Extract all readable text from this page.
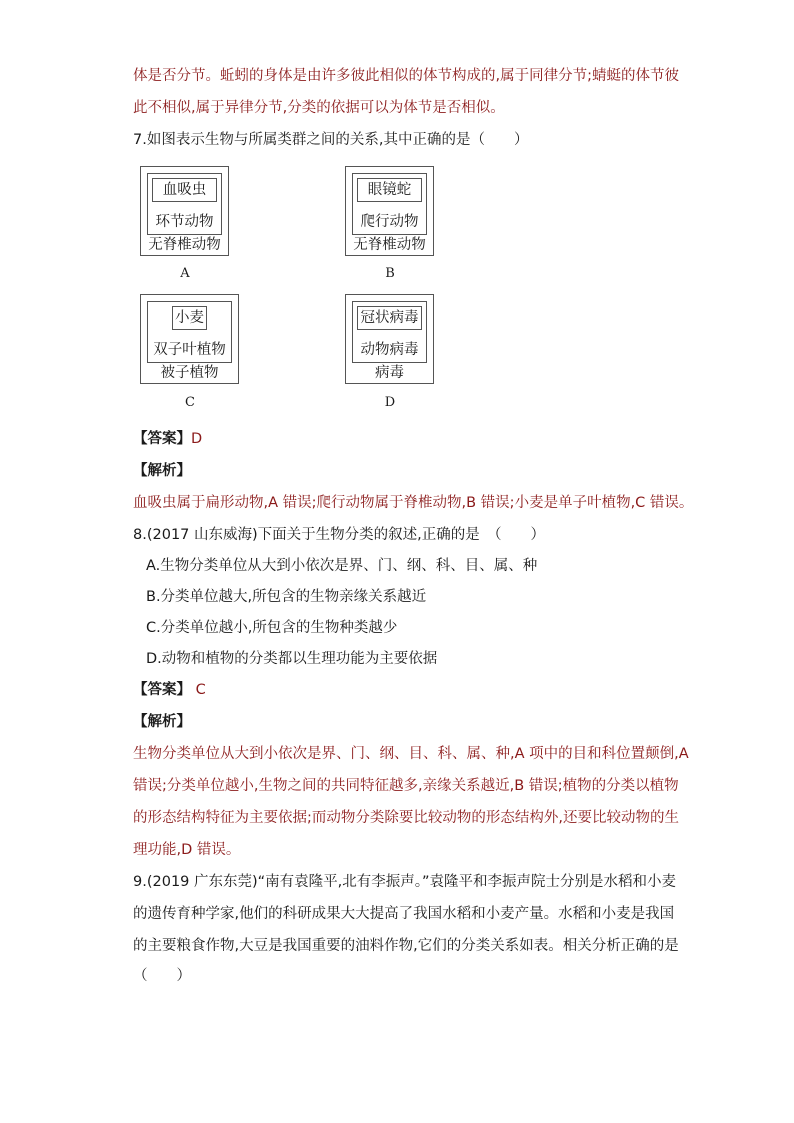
体是否分节。蚯蚓的身体是由许多彼此相似的体节构成的,属于同律分节;蜻蜓的体节彼
此不相似,属于异律分节,分类的依据可以为体节是否相似。
7.如图表示生物与所属类群之间的关系,其中正确的是（　　）
血吸虫
环节动物
无脊椎动物
A
眼镜蛇
爬行动物
无脊椎动物
B
小麦
双子叶植物
被子植物
C
冠状病毒
动物病毒
病毒
D
【答案】D
【解析】
血吸虫属于扁形动物,A 错误;爬行动物属于脊椎动物,B 错误;小麦是单子叶植物,C 错误。
8.(2017 山东威海)下面关于生物分类的叙述,正确的是　（　　）
A.生物分类单位从大到小依次是界、门、纲、科、目、属、种
B.分类单位越大,所包含的生物亲缘关系越近
C.分类单位越小,所包含的生物种类越少
D.动物和植物的分类都以生理功能为主要依据
【答案】 C
【解析】
生物分类单位从大到小依次是界、门、纲、目、科、属、种,A 项中的目和科位置颠倒,A
错误;分类单位越小,生物之间的共同特征越多,亲缘关系越近,B 错误;植物的分类以植物
的形态结构特征为主要依据;而动物分类除要比较动物的形态结构外,还要比较动物的生
理功能,D 错误。
9.(2019 广东东莞)“南有袁隆平,北有李振声。”袁隆平和李振声院士分别是水稻和小麦
的遗传育种学家,他们的科研成果大大提高了我国水稻和小麦产量。水稻和小麦是我国
的主要粮食作物,大豆是我国重要的油料作物,它们的分类关系如表。相关分析正确的是
（　　）
